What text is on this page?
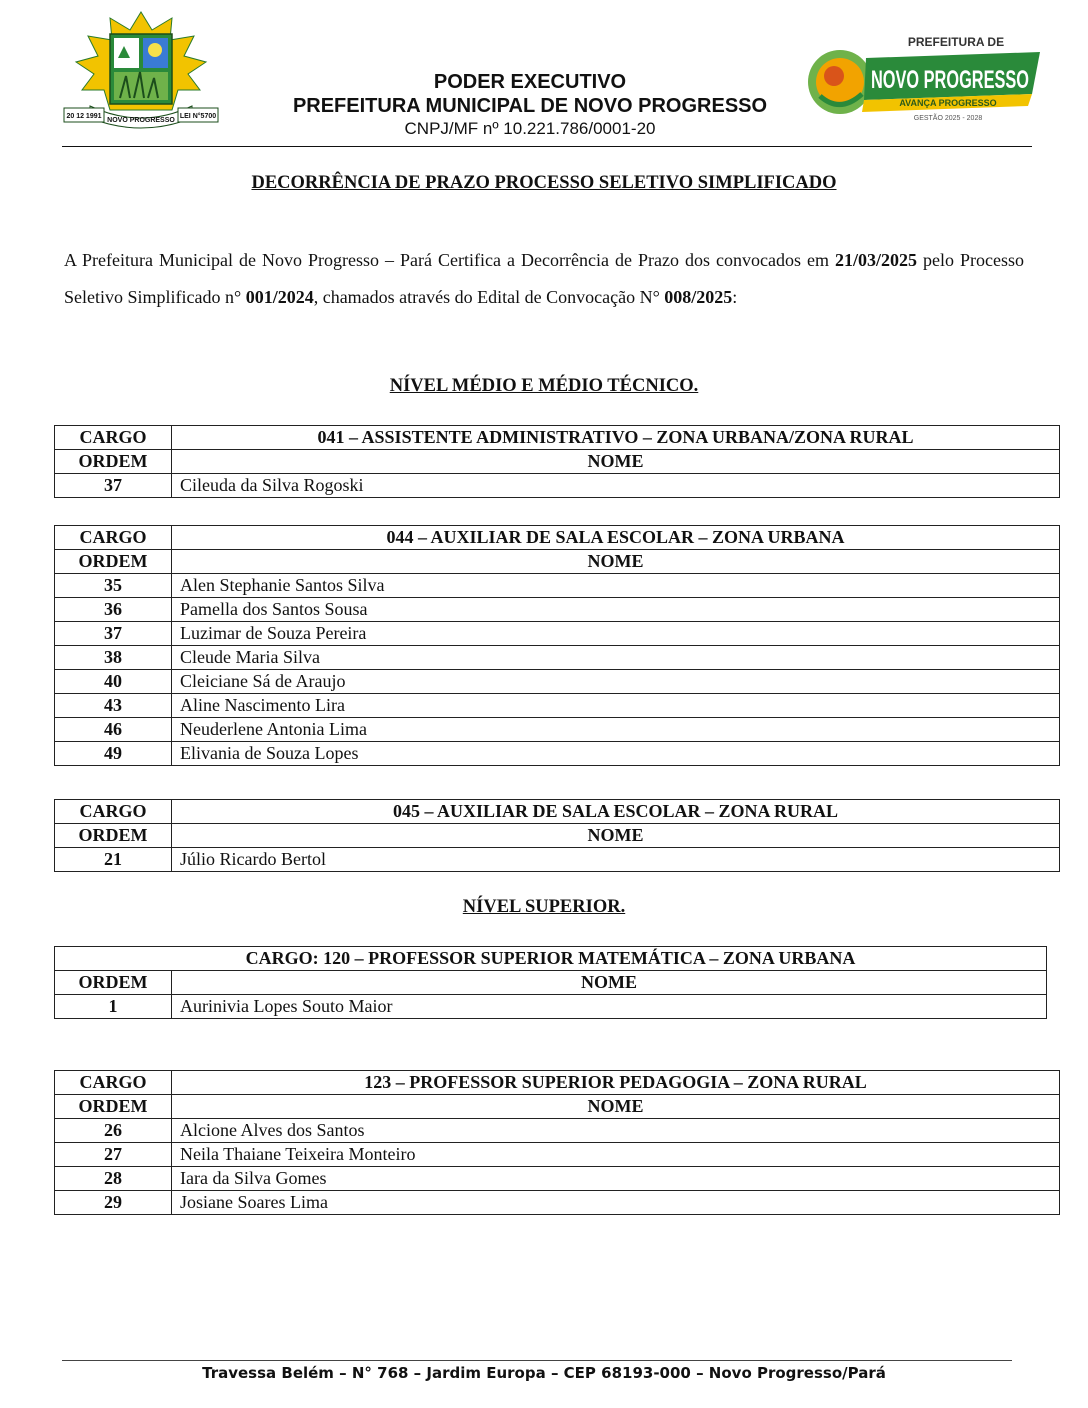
20 12 1991
NOVO PROGRESSO
LEI N°5700
PODER EXECUTIVO
PREFEITURA MUNICIPAL DE NOVO PROGRESSO
CNPJ/MF nº 10.221.786/0001-20
PREFEITURA DE
NOVO PROGRESSO
AVANÇA PROGRESSO
GESTÃO 2025 - 2028
DECORRÊNCIA DE PRAZO PROCESSO SELETIVO SIMPLIFICADO

A Prefeitura Municipal de Novo Progresso – Pará Certifica a Decorrência de Prazo dos convocados em 21/03/2025 pelo Processo Seletivo Simplificado n° 001/2024, chamados através do Edital de Convocação N° 008/2025:

NÍVEL MÉDIO E MÉDIO TÉCNICO.
CARGO	041 – ASSISTENTE ADMINISTRATIVO – ZONA URBANA/ZONA RURAL
ORDEM	NOME
37	Cileuda da Silva Rogoski
CARGO	044 – AUXILIAR DE SALA ESCOLAR – ZONA URBANA
ORDEM	NOME
35	Alen Stephanie Santos Silva
36	Pamella dos Santos Sousa
37	Luzimar de Souza Pereira
38	Cleude Maria Silva
40	Cleiciane Sá de Araujo
43	Aline Nascimento Lira
46	Neuderlene Antonia Lima
49	Elivania de Souza Lopes
CARGO	045 – AUXILIAR DE SALA ESCOLAR – ZONA RURAL
ORDEM	NOME
21	Júlio Ricardo Bertol
NÍVEL SUPERIOR.
CARGO: 120 – PROFESSOR SUPERIOR MATEMÁTICA – ZONA URBANA	
ORDEM	NOME
1	Aurinivia Lopes Souto Maior
CARGO	123 – PROFESSOR SUPERIOR PEDAGOGIA – ZONA RURAL
ORDEM	NOME
26	Alcione Alves dos Santos
27	Neila Thaiane Teixeira Monteiro
28	Iara da Silva Gomes
29	Josiane Soares Lima
Travessa Belém – N° 768 – Jardim Europa – CEP 68193-000 – Novo Progresso/Pará
